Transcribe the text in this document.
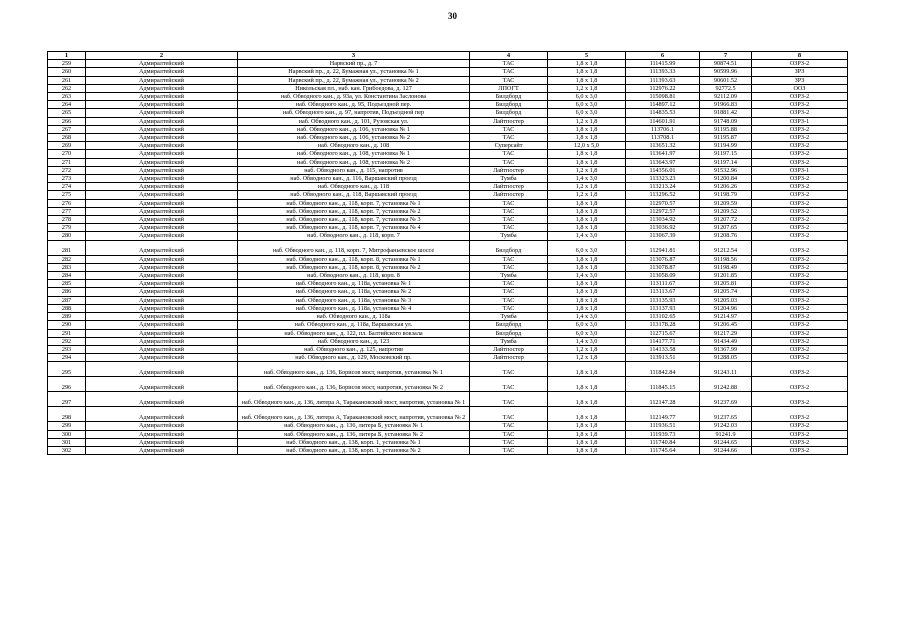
30
1	2	3	4	5	6	7	8
259	Адмиралтейский	Нарвский пр., д. 7	ТАС	1,8 x 1,8	111415.99	90874.51	ОЗРЗ-2
260	Адмиралтейский	Нарвский пр., д. 22, Бумажная ул., установка № 1	ТАС	1,8 x 1,8	111393.33	90599.96	ЗРЗ
261	Адмиралтейский	Нарвский пр., д. 22, Бумажная ул., установка № 2	ТАС	1,8 x 1,8	111393.63	90601.52	ЗРЗ
262	Адмиралтейский	Никольская пл., наб. кан. Грибоедова, д. 127	ЛПОГТ	1,2 x 1,8	112976.22	92772.5	ООЗ
263	Адмиралтейский	наб. Обводного кан., д. 93а, ул. Константина Заслонова	Билдборд	6,0 x 3,0	115098.81	92112.09	ОЗРЗ-2
264	Адмиралтейский	наб. Обводного кан., д. 95, Подъездной пер.	Билдборд	6,0 x 3,0	114897.12	91966.83	ОЗРЗ-2
265	Адмиралтейский	наб. Обводного кан., д. 97, напротив, Подъездной пер	Билдборд	6,0 x 3,0	114835.53	91881.42	ОЗРЗ-2
266	Адмиралтейский	наб. Обводного кан., д. 101, Рузовская ул.	Лайтпостер	1,2 x 1,8	114601.91	91748.09	ОЗРЗ-1
267	Адмиралтейский	наб. Обводного кан., д. 106, установка № 1	ТАС	1,8 x 1,8	113706.1	91195.88	ОЗРЗ-2
268	Адмиралтейский	наб. Обводного кан., д. 106, установка № 2	ТАС	1,8 x 1,8	113708.1	91195.87	ОЗРЗ-2
269	Адмиралтейский	наб. Обводного кан., д. 108	Суперсайт	12,0 x 5,0	113651.32	91194.99	ОЗРЗ-2
270	Адмиралтейский	наб. Обводного кан., д. 108, установка № 1	ТАС	1,8 x 1,8	113641.97	91197.15	ОЗРЗ-2
271	Адмиралтейский	наб. Обводного кан., д. 108, установка № 2	ТАС	1,8 x 1,8	113643.97	91197.14	ОЗРЗ-2
272	Адмиралтейский	наб. Обводного кан., д. 115, напротив	Лайтпостер	1,2 x 1,8	114356.01	91532.96	ОЗРЗ-1
273	Адмиралтейский	наб. Обводного кан., д. 116, Варшавский проезд	Тумба	1,4 x 3,0	113323.23	91200.84	ОЗРЗ-2
274	Адмиралтейский	наб. Обводного кан., д. 118	Лайтпостер	1,2 x 1,8	113213.24	91206.26	ОЗРЗ-2
275	Адмиралтейский	наб. Обводного кан., д. 118, Варшавский проезд	Лайтпостер	1,2 x 1,8	113296.52	91198.79	ОЗРЗ-2
276	Адмиралтейский	наб. Обводного кан., д. 118, корп. 7, установка № 1	ТАС	1,8 x 1,8	112970.57	91209.59	ОЗРЗ-2
277	Адмиралтейский	наб. Обводного кан., д. 118, корп. 7, установка № 2	ТАС	1,8 x 1,8	112972.57	91209.52	ОЗРЗ-2
278	Адмиралтейский	наб. Обводного кан., д. 118, корп. 7, установка № 3	ТАС	1,8 x 1,8	113034.92	91207.72	ОЗРЗ-2
279	Адмиралтейский	наб. Обводного кан., д. 118, корп. 7, установка № 4	ТАС	1,8 x 1,8	113036.92	91207.65	ОЗРЗ-2
280	Адмиралтейский	наб. Обводного кан., д. 118, корп. 7	Тумба	1,4 x 3,0	113067.39	91208.76	ОЗРЗ-2
281	Адмиралтейский	наб. Обводного кан., д. 118, корп. 7, Митрофаньевское шоссе	Билдборд	6,0 x 3,0	112941.81	91212.54	ОЗРЗ-2
282	Адмиралтейский	наб. Обводного кан., д. 118, корп. 8, установка № 1	ТАС	1,8 x 1,8	113076.87	91198.56	ОЗРЗ-2
283	Адмиралтейский	наб. Обводного кан., д. 118, корп. 8, установка № 2	ТАС	1,8 x 1,8	113078.87	91198.49	ОЗРЗ-2
284	Адмиралтейский	наб. Обводного кан., д. 118, корп. 8	Тумба	1,4 x 3,0	113058.09	91201.85	ОЗРЗ-2
285	Адмиралтейский	наб. Обводного кан., д. 118а, установка № 1	ТАС	1,8 x 1,8	113111.67	91205.81	ОЗРЗ-2
286	Адмиралтейский	наб. Обводного кан., д. 118а, установка № 2	ТАС	1,8 x 1,8	113113.67	91205.74	ОЗРЗ-2
287	Адмиралтейский	наб. Обводного кан., д. 118а, установка № 3	ТАС	1,8 x 1,8	113135.93	91205.03	ОЗРЗ-2
288	Адмиралтейский	наб. Обводного кан., д. 118а, установка № 4	ТАС	1,8 x 1,8	113137.93	91204.96	ОЗРЗ-2
289	Адмиралтейский	наб. Обводного кан., д. 118а	Тумба	1,4 x 3,0	113102.65	91214.97	ОЗРЗ-2
290	Адмиралтейский	наб. Обводного кан., д. 118а, Варшавская ул.	Билдборд	6,0 x 3,0	113178.28	91206.45	ОЗРЗ-2
291	Адмиралтейский	наб. Обводного кан., д. 122, пл. Балтийского вокзала	Билдборд	6,0 x 3,0	112715.67	91217.29	ОЗРЗ-2
292	Адмиралтейский	наб. Обводного кан., д. 123	Тумба	1,4 x 3,0	114177.71	91434.49	ОЗРЗ-2
293	Адмиралтейский	наб. Обводного кан., д. 125, напротив	Лайтпостер	1,2 x 1,8	114133.58	91367.99	ОЗРЗ-2
294	Адмиралтейский	наб. Обводного кан., д. 129, Московский пр.	Лайтпостер	1,2 x 1,8	113913.51	91288.05	ОЗРЗ-2
295	Адмиралтейский	наб. Обводного кан., д. 136, Борисов мост, напротив, установка № 1	ТАС	1,8 x 1,8	111842.84	91243.11	ОЗРЗ-2
296	Адмиралтейский	наб. Обводного кан., д. 136, Борисов мост, напротив, установка № 2	ТАС	1,8 x 1,8	111845.15	91242.88	ОЗРЗ-2
297	Адмиралтейский	наб. Обводного кан., д. 136, литера А, Таракановский мост, напротив, установка № 1	ТАС	1,8 x 1,8	112147.28	91237.69	ОЗРЗ-2
298	Адмиралтейский	наб. Обводного кан., д. 136, литера А, Таракановский мост, напротив, установка № 2	ТАС	1,8 x 1,8	112149.77	91237.65	ОЗРЗ-2
299	Адмиралтейский	наб. Обводного кан., д. 136, литера Б, установка № 1	ТАС	1,8 x 1,8	111936.51	91242.03	ОЗРЗ-2
300	Адмиралтейский	наб. Обводного кан., д. 136, литера Б, установка № 2	ТАС	1,8 x 1,8	111939.73	91241.9	ОЗРЗ-2
301	Адмиралтейский	наб. Обводного кан., д. 138, корп. 1, установка № 1	ТАС	1,8 x 1,8	111740.84	91244.65	ОЗРЗ-2
302	Адмиралтейский	наб. Обводного кан., д. 138, корп. 1, установка № 2	ТАС	1,8 x 1,8	111745.64	91244.66	ОЗРЗ-2
